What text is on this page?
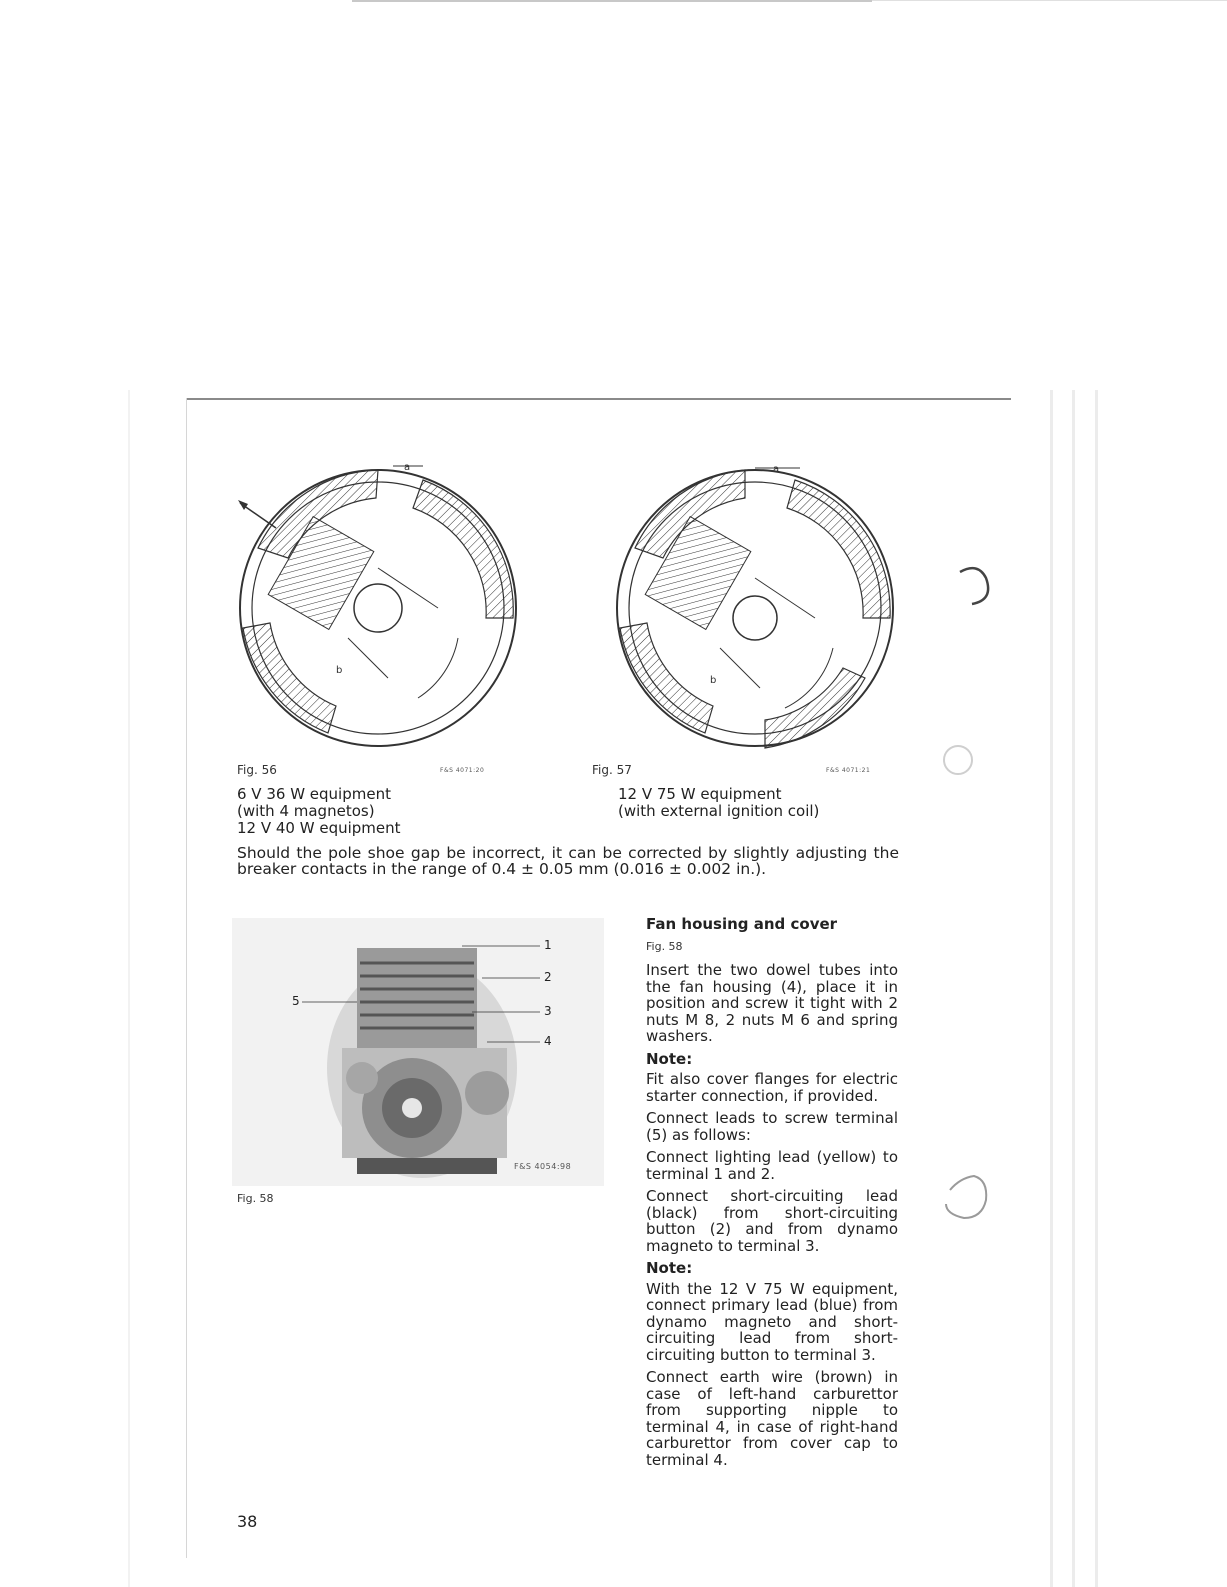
a
b
a
b
Fig. 56	F&S 4071:20
6 V 36 W equipment
(with 4 magnetos)
12 V 40 W equipment
Fig. 57	F&S 4071:21
12 V 75 W equipment
(with external ignition coil)
Should the pole shoe gap be incorrect, it can be corrected by slightly adjusting the breaker contacts in the range of 0.4 ± 0.05 mm (0.016 ± 0.002 in.).
1
2
3
4
5
F&S 4054:98
Fig. 58
Fan housing and cover
Fig. 58

Insert the two dowel tubes into the fan housing (4), place it in position and screw it tight with 2 nuts M 8, 2 nuts M 6 and spring washers.

Note:

Fit also cover flanges for electric starter connection, if provided.

Connect leads to screw terminal (5) as follows:

Connect lighting lead (yellow) to terminal 1 and 2.

Connect short-circuiting lead (black) from short-circuiting button (2) and from dynamo magneto to terminal 3.

Note:

With the 12 V 75 W equipment, connect primary lead (blue) from dynamo magneto and short-circuiting lead from short-circuiting button to terminal 3.

Connect earth wire (brown) in case of left-hand carburettor from supporting nipple to terminal 4, in case of right-hand carburettor from cover cap to terminal 4.

38
